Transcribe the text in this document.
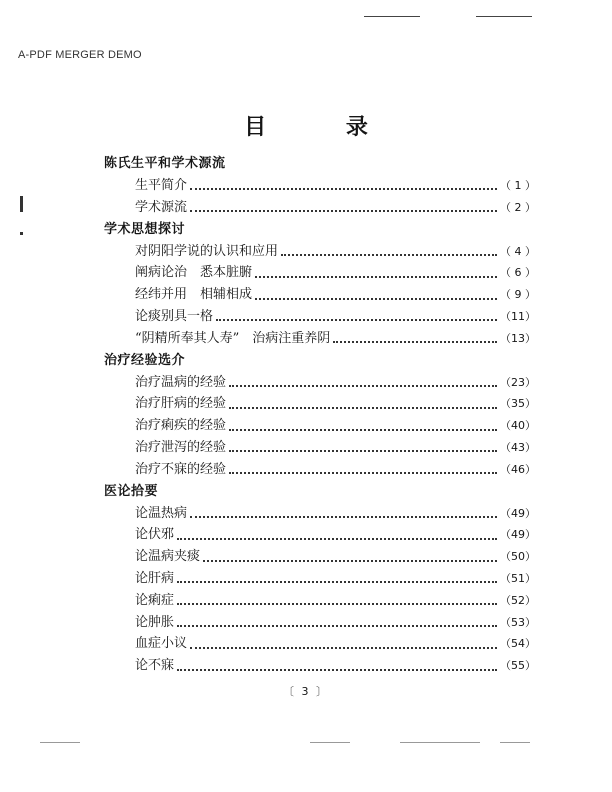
A-PDF MERGER DEMO
目 录
陈氏生平和学术源流
生平简介	（ 1 ）
学术源流	（ 2 ）
学术思想探讨
对阴阳学说的认识和应用	（ 4 ）
阐病论治　悉本脏腑	（ 6 ）
经纬并用　相辅相成	（ 9 ）
论痰别具一格	（11）
“阴精所奉其人寿”　治病注重养阴	（13）
治疗经验选介
治疗温病的经验	（23）
治疗肝病的经验	（35）
治疗痢疾的经验	（40）
治疗泄泻的经验	（43）
治疗不寐的经验	（46）
医论拾要
论温热病	（49）
论伏邪	（49）
论温病夹痰	（50）
论肝病	（51）
论痢症	（52）
论肿胀	（53）
血症小议	（54）
论不寐	（55）
〔 3 〕
